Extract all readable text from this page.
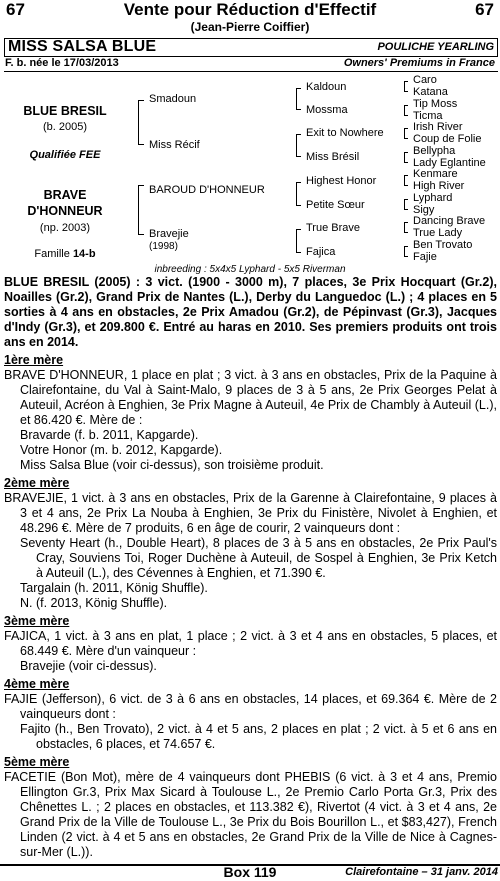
67	Vente pour Réduction d'Effectif	67
(Jean-Pierre Coiffier)
MISS SALSA BLUE	POULICHE YEARLING
F. b. née le 17/03/2013	Owners' Premiums in France
BLUE BRESIL
(b. 2005)
Qualifiée FEE
BRAVE
D'HONNEUR
(np. 2003)
Famille 14-b
Smadoun
Miss Récif
BAROUD D'HONNEUR
Bravejie
(1998)
Kaldoun
Mossma
Exit to Nowhere
Miss Brésil
Highest Honor
Petite Sœur
True Brave
Fajica
Caro
Katana
Tip Moss
Ticma
Irish River
Coup de Folie
Bellypha
Lady Eglantine
Kenmare
High River
Lyphard
Sigy
Dancing Brave
True Lady
Ben Trovato
Fajie
inbreeding : 5x4x5 Lyphard - 5x5 Riverman
BLUE BRESIL (2005) : 3 vict. (1900 - 3000 m), 7 places, 3e Prix Hocquart (Gr.2), Noailles (Gr.2), Grand Prix de Nantes (L.), Derby du Languedoc (L.) ; 4 places en 5 sorties à 4 ans en obstacles, 2e Prix Amadou (Gr.2), de Pépinvast (Gr.3), Jacques d'Indy (Gr.3), et 209.800 €. Entré au haras en 2010. Ses premiers produits ont trois ans en 2014.
1ère mère
BRAVE D'HONNEUR, 1 place en plat ; 3 vict. à 3 ans en obstacles, Prix de la Paquine à Clairefontaine, du Val à Saint-Malo, 9 places de 3 à 5 ans, 2e Prix Georges Pelat à Auteuil, Acréon à Enghien, 3e Prix Magne à Auteuil, 4e Prix de Chambly à Auteuil (L.), et 86.420 €. Mère de :
Bravarde (f. b. 2011, Kapgarde).
Votre Honor (m. b. 2012, Kapgarde).
Miss Salsa Blue (voir ci-dessus), son troisième produit.
2ème mère
BRAVEJIE, 1 vict. à 3 ans en obstacles, Prix de la Garenne à Clairefontaine, 9 places à 3 et 4 ans, 2e Prix La Nouba à Enghien, 3e Prix du Finistère, Nivolet à Enghien, et 48.296 €. Mère de 7 produits, 6 en âge de courir, 2 vainqueurs dont :
Seventy Heart (h., Double Heart), 8 places de 3 à 5 ans en obstacles, 2e Prix Paul's Cray, Souviens Toi, Roger Duchène à Auteuil, de Sospel à Enghien, 3e Prix Ketch à Auteuil (L.), des Cévennes à Enghien, et 71.390 €.
Targalain (h. 2011, König Shuffle).
N. (f. 2013, König Shuffle).
3ème mère
FAJICA, 1 vict. à 3 ans en plat, 1 place ; 2 vict. à 3 et 4 ans en obstacles, 5 places, et 68.449 €. Mère d'un vainqueur :
Bravejie (voir ci-dessus).
4ème mère
FAJIE (Jefferson), 6 vict. de 3 à 6 ans en obstacles, 14 places, et 69.364 €. Mère de 2 vainqueurs dont :
Fajito (h., Ben Trovato), 2 vict. à 4 et 5 ans, 2 places en plat ; 2 vict. à 5 et 6 ans en obstacles, 6 places, et 74.657 €.
5ème mère
FACETIE (Bon Mot), mère de 4 vainqueurs dont PHEBIS (6 vict. à 3 et 4 ans, Premio Ellington Gr.3, Prix Max Sicard à Toulouse L., 2e Premio Carlo Porta Gr.3, Prix des Chênettes L. ; 2 places en obstacles, et 113.382 €), Rivertot (4 vict. à 3 et 4 ans, 2e Grand Prix de la Ville de Toulouse L., 3e Prix du Bois Bourillon L., et $83,427), French Linden (2 vict. à 4 et 5 ans en obstacles, 2e Grand Prix de la Ville de Nice à Cagnes-sur-Mer (L.)).
Box 119	Clairefontaine – 31 janv. 2014
